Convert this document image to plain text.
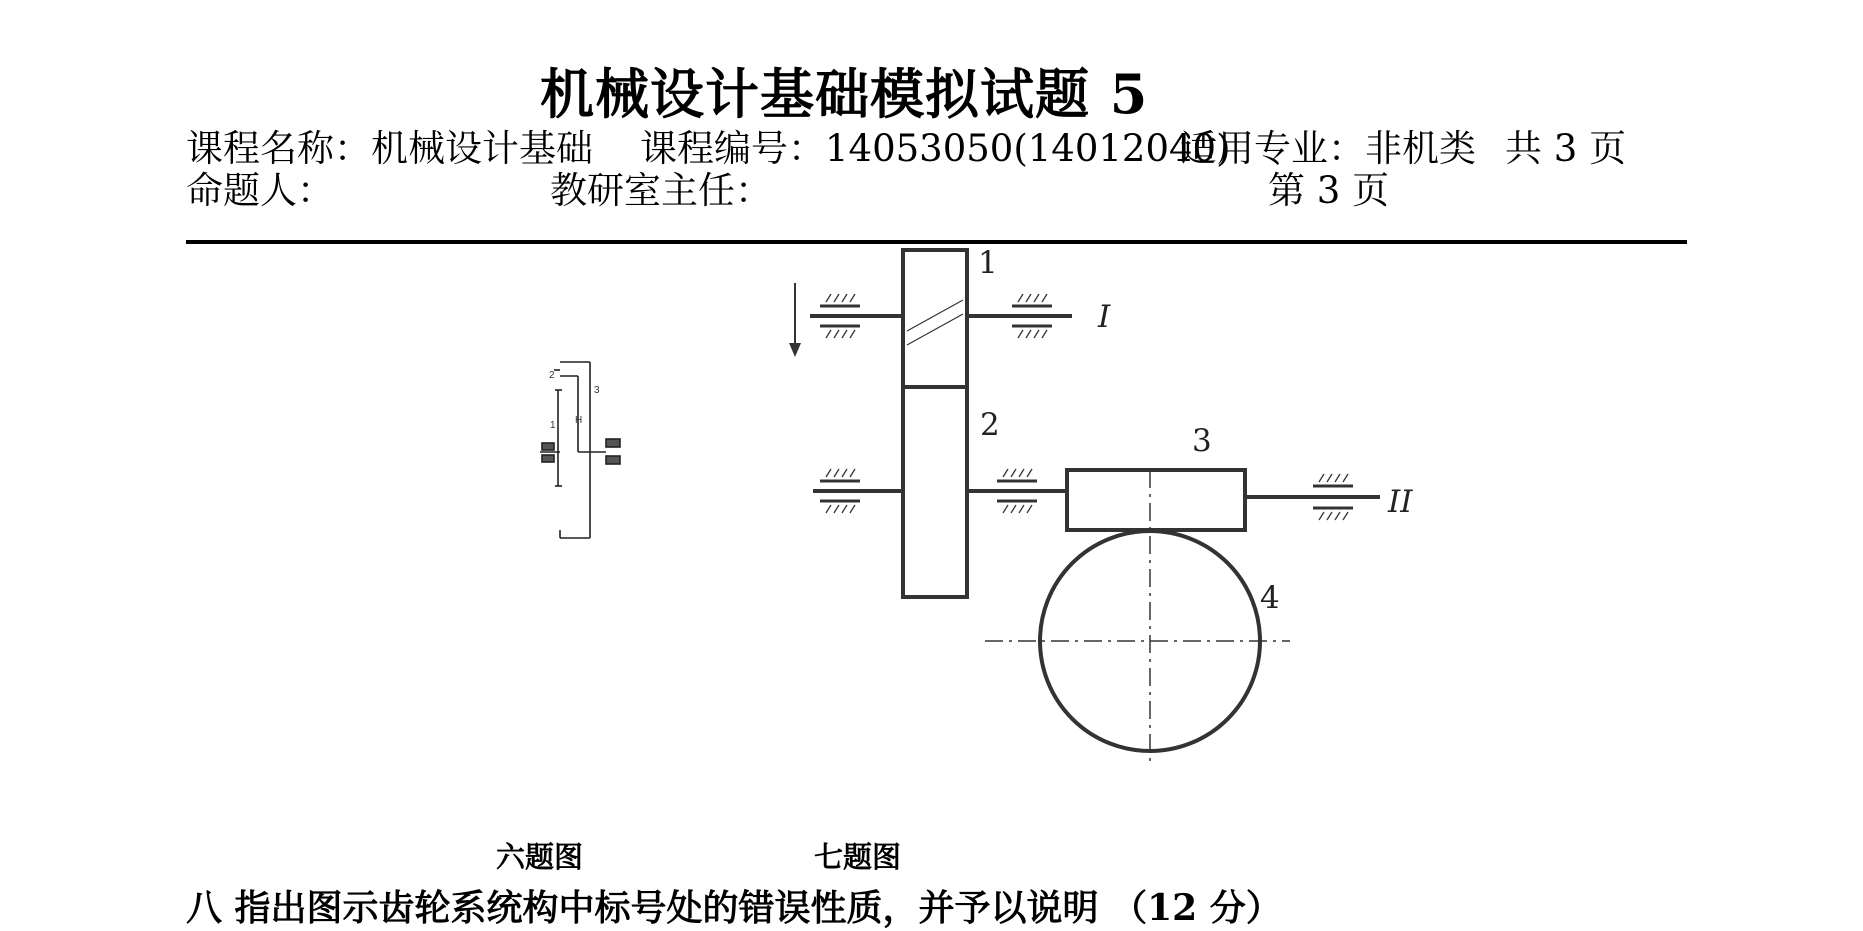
机械设计基础模拟试题 5
课程名称：机械设计基础 课程编号：14053050(14012040)
适用专业：非机类 共 3 页
命题人：	教研室主任：	第 3 页
2
3
1 H
1
I
2	3
II
4
六题图	七题图
八 指出图示齿轮系统构中标号处的错误性质，并予以说明 （12 分）
